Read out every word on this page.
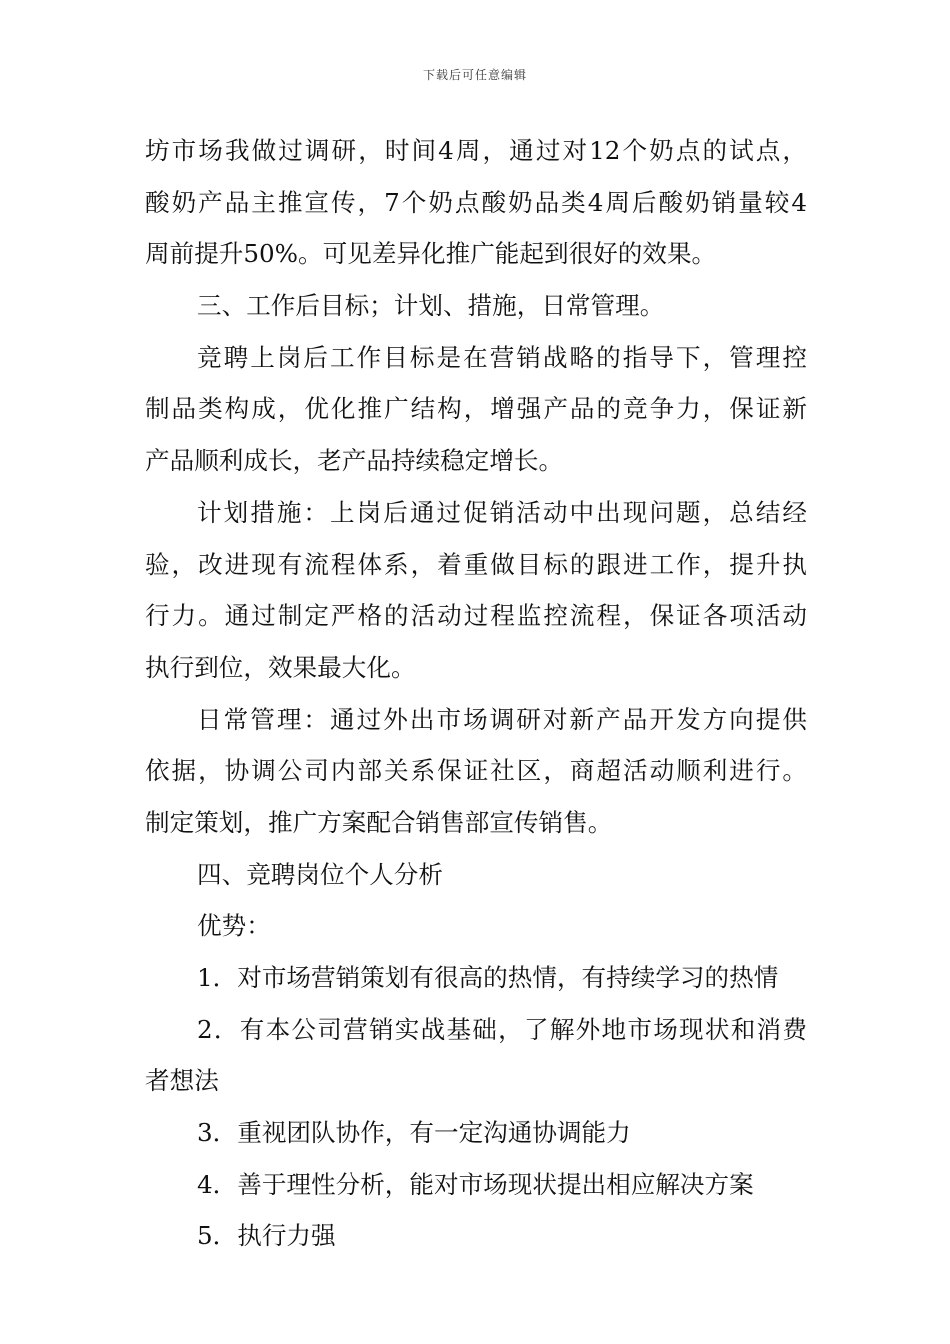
下载后可任意编辑
坊市场我做过调研，时间4周，通过对12个奶点的试点，
酸奶产品主推宣传，7个奶点酸奶品类4周后酸奶销量较4
周前提升50%。可见差异化推广能起到很好的效果。
三、工作后目标；计划、措施，日常管理。
竞聘上岗后工作目标是在营销战略的指导下，管理控
制品类构成，优化推广结构，增强产品的竞争力，保证新
产品顺利成长，老产品持续稳定增长。
计划措施：上岗后通过促销活动中出现问题，总结经
验，改进现有流程体系，着重做目标的跟进工作，提升执
行力。通过制定严格的活动过程监控流程，保证各项活动
执行到位，效果最大化。
日常管理：通过外出市场调研对新产品开发方向提供
依据，协调公司内部关系保证社区，商超活动顺利进行。
制定策划，推广方案配合销售部宣传销售。
四、竞聘岗位个人分析
优势：
1．对市场营销策划有很高的热情，有持续学习的热情
2．有本公司营销实战基础，了解外地市场现状和消费
者想法
3．重视团队协作，有一定沟通协调能力
4．善于理性分析，能对市场现状提出相应解决方案
5．执行力强
